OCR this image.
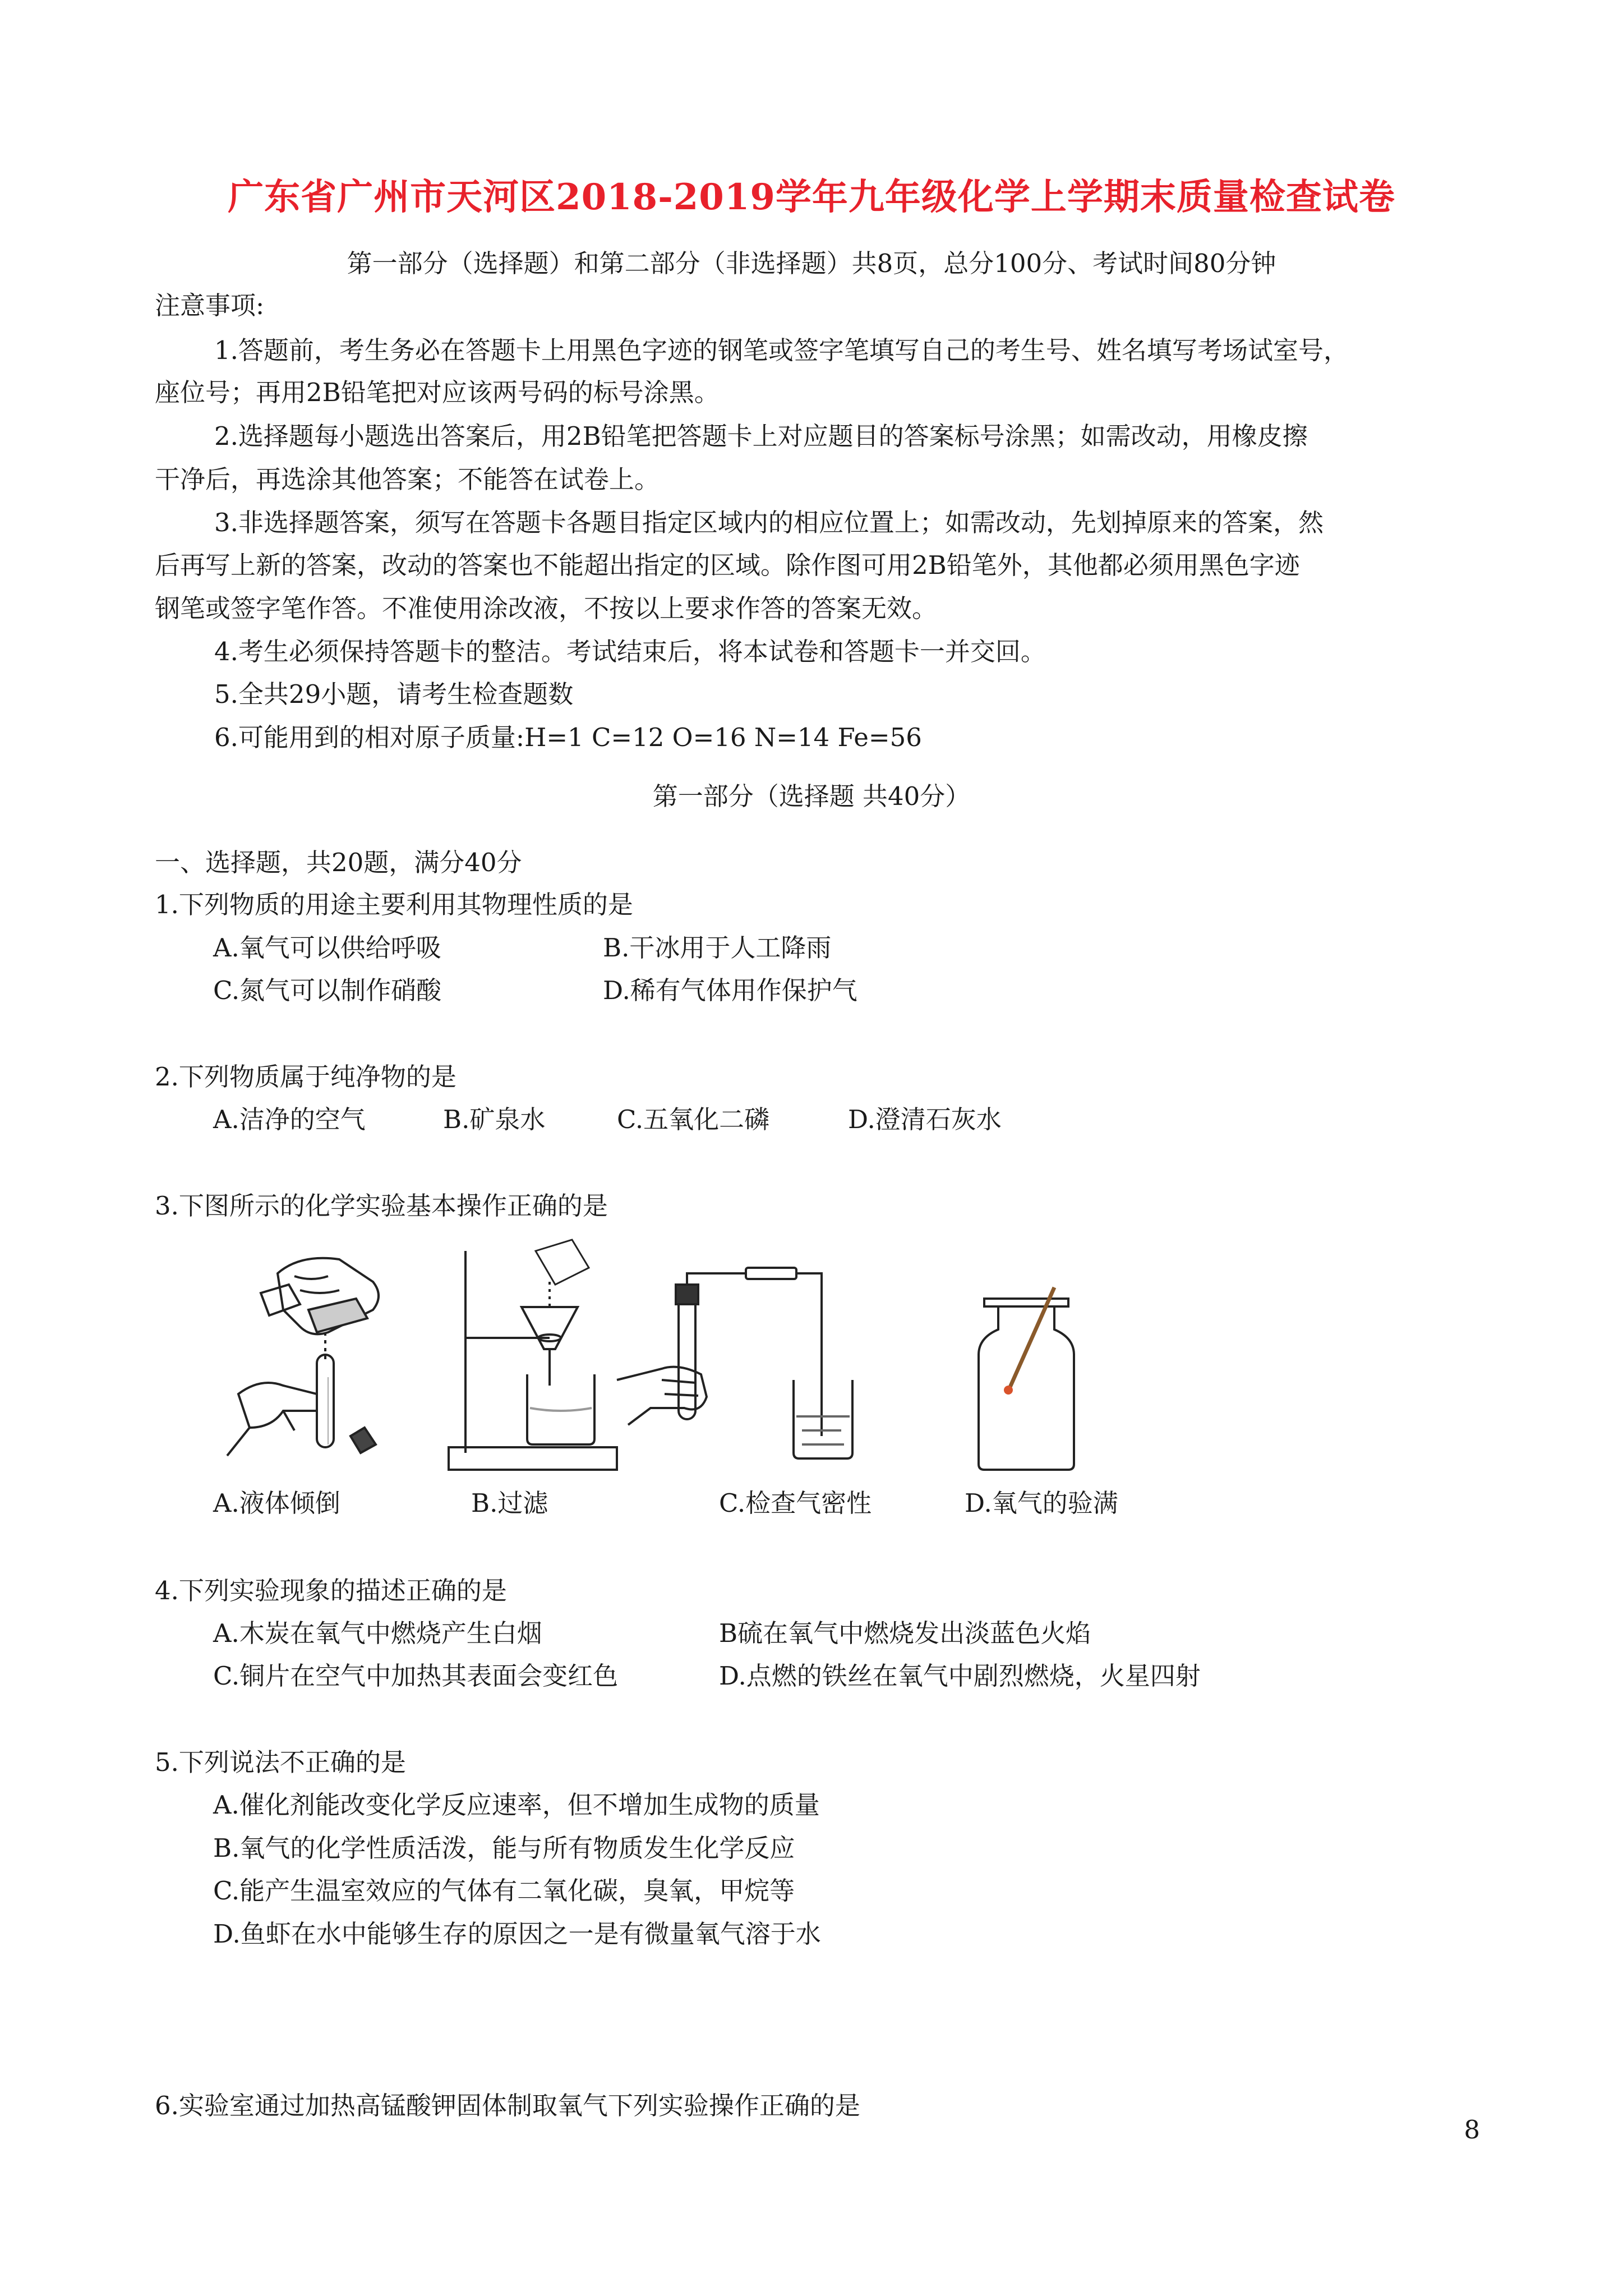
广东省广州市天河区2018-2019学年九年级化学上学期末质量检查试卷
第一部分（选择题）和第二部分（非选择题）共8页，总分100分、考试时间80分钟
注意事项:
1.答题前，考生务必在答题卡上用黑色字迹的钢笔或签字笔填写自己的考生号、姓名填写考场试室号，
座位号；再用2B铅笔把对应该两号码的标号涂黑。
2.选择题每小题选出答案后，用2B铅笔把答题卡上对应题目的答案标号涂黑；如需改动，用橡皮擦
干净后，再选涂其他答案；不能答在试卷上。
3.非选择题答案，须写在答题卡各题目指定区域内的相应位置上；如需改动，先划掉原来的答案，然
后再写上新的答案，改动的答案也不能超出指定的区域。除作图可用2B铅笔外，其他都必须用黑色字迹
钢笔或签字笔作答。不准使用涂改液，不按以上要求作答的答案无效。
4.考生必须保持答题卡的整洁。考试结束后，将本试卷和答题卡一并交回。
5.全共29小题，请考生检查题数
6.可能用到的相对原子质量:H=1 C=12 O=16 N=14 Fe=56
第一部分（选择题 共40分）
一、选择题，共20题，满分40分
1.下列物质的用途主要利用其物理性质的是
A.氧气可以供给呼吸	B.干冰用于人工降雨
C.氮气可以制作硝酸	D.稀有气体用作保护气
2.下列物质属于纯净物的是
A.洁净的空气	B.矿泉水	C.五氧化二磷	D.澄清石灰水
3.下图所示的化学实验基本操作正确的是
A.液体倾倒	B.过滤	C.检查气密性	D.氧气的验满
4.下列实验现象的描述正确的是
A.木炭在氧气中燃烧产生白烟	B硫在氧气中燃烧发出淡蓝色火焰
C.铜片在空气中加热其表面会变红色	D.点燃的铁丝在氧气中剧烈燃烧，火星四射
5.下列说法不正确的是
A.催化剂能改变化学反应速率，但不增加生成物的质量
B.氧气的化学性质活泼，能与所有物质发生化学反应
C.能产生温室效应的气体有二氧化碳，臭氧，甲烷等
D.鱼虾在水中能够生存的原因之一是有微量氧气溶于水
6.实验室通过加热高锰酸钾固体制取氧气下列实验操作正确的是
8
